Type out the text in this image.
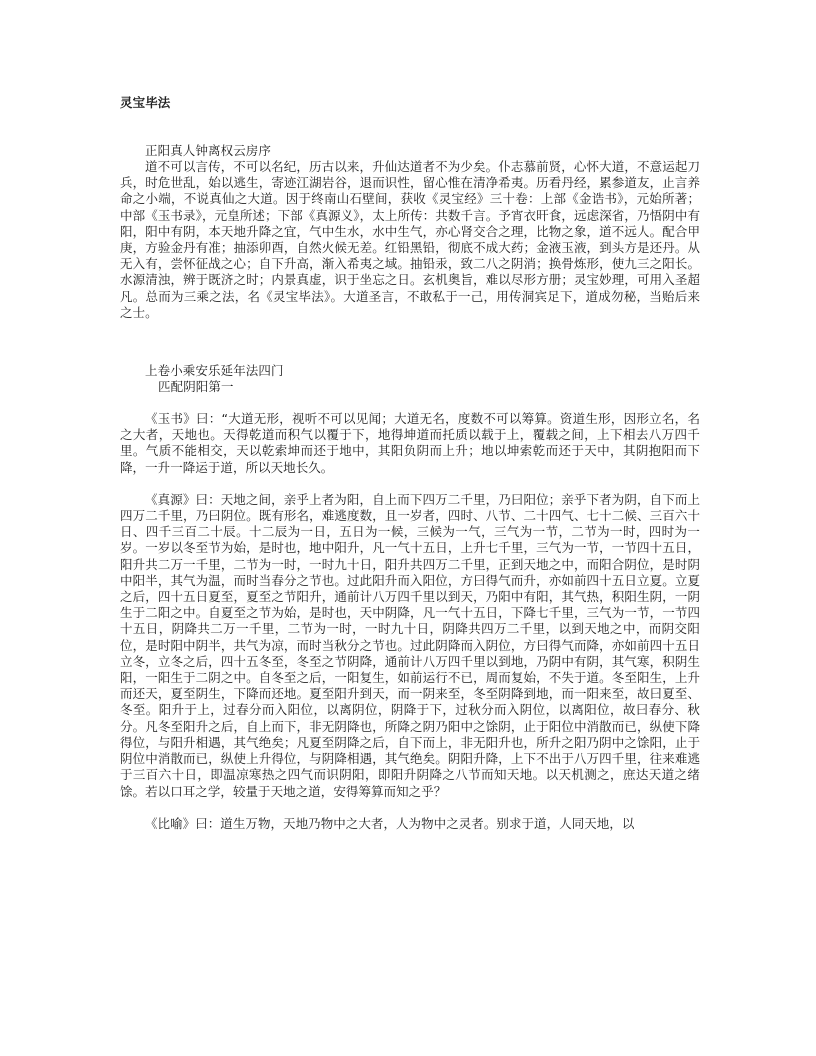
灵宝毕法
正阳真人钟离权云房序

道不可以言传，不可以名纪，历古以来，升仙达道者不为少矣。仆志慕前贤，心怀大道，不意运起刀兵，时危世乱，始以逃生，寄迹江湖岩谷，退而识性，留心惟在清净希夷。历看丹经，累参道友，止言养命之小端，不说真仙之大道。因于终南山石壁间，获收《灵宝经》三十卷：上部《金诰书》，元始所著；中部《玉书录》，元皇所述；下部《真源义》，太上所传：共数千言。予宵衣旰食，远虑深省，乃悟阴中有阳，阳中有阴，本天地升降之宜，气中生水，水中生气，亦心肾交合之理，比物之象，道不远人。配合甲庚，方验金丹有准；抽添卯酉，自然火候无差。红铅黑铅，彻底不成大药；金液玉液，到头方是还丹。从无入有，尝怀征战之心；自下升高，渐入希夷之域。抽铅汞，致二八之阴消；换骨炼形，使九三之阳长。水源清浊，辨于既济之时；内景真虚，识于坐忘之日。玄机奥旨，难以尽形方册；灵宝妙理，可用入圣超凡。总而为三乘之法，名《灵宝毕法》。大道圣言，不敢私于一己，用传洞宾足下，道成勿秘，当贻后来之士。

上卷小乘安乐延年法四门
匹配阴阳第一

《玉书》曰：“大道无形，视听不可以见闻；大道无名，度数不可以筹算。资道生形，因形立名，名之大者，天地也。天得乾道而积气以覆于下，地得坤道而托质以载于上，覆载之间，上下相去八万四千里。气质不能相交，天以乾索坤而还于地中，其阳负阴而上升；地以坤索乾而还于天中，其阴抱阳而下降，一升一降运于道，所以天地长久。

《真源》曰：天地之间，亲乎上者为阳，自上而下四万二千里，乃曰阳位；亲乎下者为阴，自下而上四万二千里，乃曰阴位。既有形名，难逃度数，且一岁者，四时、八节、二十四气、七十二候、三百六十日、四千三百二十辰。十二辰为一日，五日为一候，三候为一气，三气为一节，二节为一时，四时为一岁。一岁以冬至节为始，是时也，地中阳升，凡一气十五日，上升七千里，三气为一节，一节四十五日，阳升共二万一千里，二节为一时，一时九十日，阳升共四万二千里，正到天地之中，而阳合阴位，是时阴中阳半，其气为温，而时当春分之节也。过此阳升而入阳位，方曰得气而升，亦如前四十五日立夏。立夏之后，四十五日夏至，夏至之节阳升，通前计八万四千里以到天，乃阳中有阳，其气热，积阳生阴，一阴生于二阳之中。自夏至之节为始，是时也，天中阴降，凡一气十五日，下降七千里，三气为一节，一节四十五日，阴降共二万一千里，二节为一时，一时九十日，阴降共四万二千里，以到天地之中，而阴交阳位，是时阳中阴半，共气为凉，而时当秋分之节也。过此阴降而入阴位，方曰得气而降，亦如前四十五日立冬，立冬之后，四十五冬至，冬至之节阴降，通前计八万四千里以到地，乃阴中有阴，其气寒，积阴生阳，一阳生于二阴之中。自冬至之后，一阳复生，如前运行不已，周而复始，不失于道。冬至阳生，上升而还天，夏至阴生，下降而还地。夏至阳升到天，而一阴来至，冬至阴降到地，而一阳来至，故曰夏至、冬至。阳升于上，过春分而入阳位，以离阴位，阴降于下，过秋分而入阴位，以离阳位，故曰春分、秋分。凡冬至阳升之后，自上而下，非无阴降也，所降之阴乃阳中之馀阴，止于阳位中消散而已，纵使下降得位，与阳升相遇，其气绝矣；凡夏至阴降之后，自下而上，非无阳升也，所升之阳乃阴中之馀阳，止于阴位中消散而已，纵使上升得位，与阴降相遇，其气绝矣。阴阳升降，上下不出于八万四千里，往来难逃于三百六十日，即温凉寒热之四气而识阴阳，即阳升阴降之八节而知天地。以天机测之，庶达天道之绪馀。若以口耳之学，较量于天地之道，安得筹算而知之乎？

《比喻》曰：道生万物，天地乃物中之大者，人为物中之灵者。别求于道，人同天地，以
